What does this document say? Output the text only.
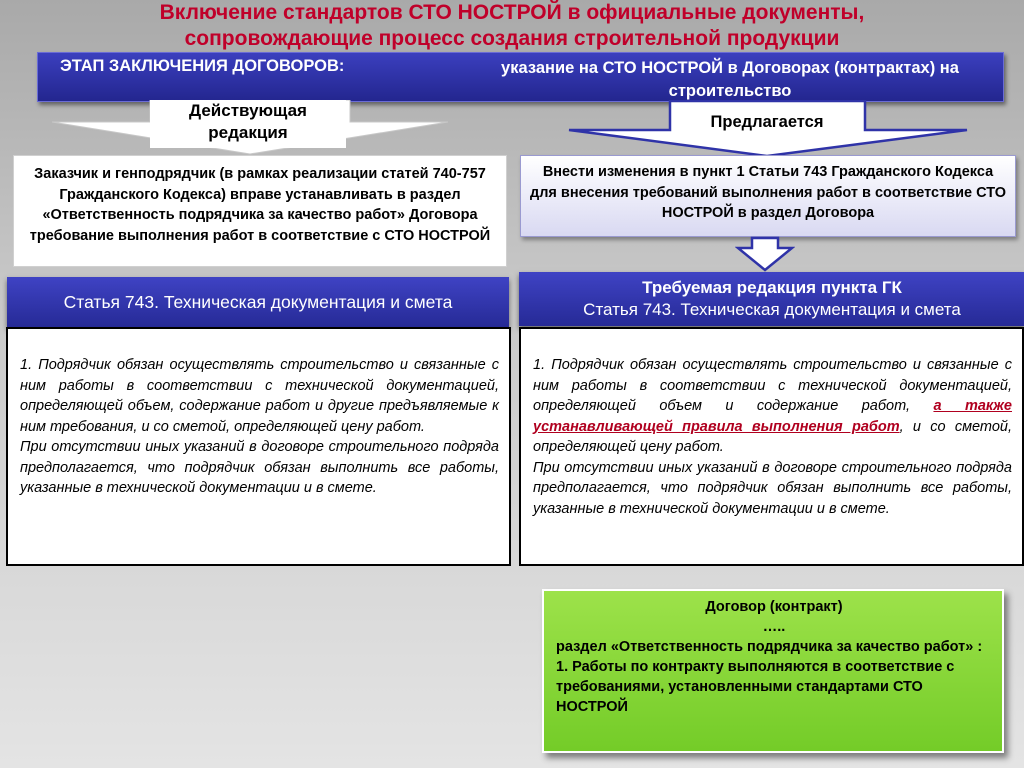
Включение стандартов СТО НОСТРОЙ в официальные документы,
сопровождающие процесс создания строительной продукции
ЭТАП ЗАКЛЮЧЕНИЯ ДОГОВОРОВ:	указание на СТО НОСТРОЙ в Договорах (контрактах) на строительство
Действующая
редакция
Предлагается
Заказчик и генподрядчик (в рамках реализации статей 740-757 Гражданского Кодекса) вправе устанавливать в раздел «Ответственность подрядчика за качество работ» Договора требование выполнения работ в соответствие с СТО НОСТРОЙ
Внести изменения в пункт 1 Статьи 743 Гражданского Кодекса для внесения требований выполнения работ в соответствие СТО НОСТРОЙ в раздел Договора
Статья 743. Техническая документация и смета
Требуемая редакция пункта ГК
Статья 743. Техническая документация и смета

1. Подрядчик обязан осуществлять строительство и связанные с ним работы в соответствии с технической документацией, определяющей объем, содержание работ и другие предъявляемые к ним требования, и со сметой, определяющей цену работ.

При отсутствии иных указаний в договоре строительного подряда предполагается, что подрядчик обязан выполнить все работы, указанные в технической документации и в смете.

1. Подрядчик обязан осуществлять строительство и связанные с ним работы в соответствии с технической документацией, определяющей объем и содержание работ, а также устанавливающей правила выполнения работ, и со сметой, определяющей цену работ.

При отсутствии иных указаний в договоре строительного подряда предполагается, что подрядчик обязан выполнить все работы, указанные в технической документации и в смете.

Договор (контракт)
…..
раздел «Ответственность подрядчика за качество работ» :
1. Работы по контракту выполняются в соответствие с требованиями, установленными стандартами СТО НОСТРОЙ
